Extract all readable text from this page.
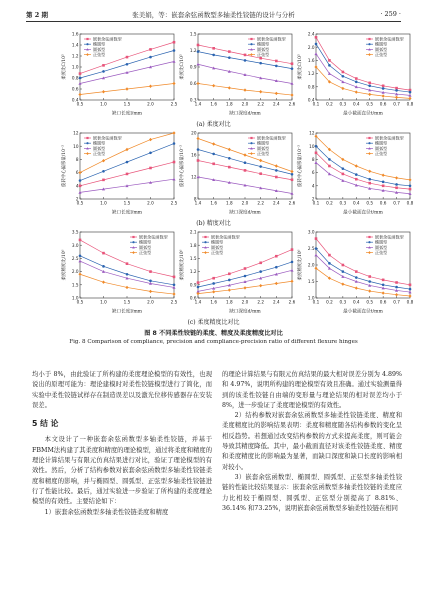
第 2 期	张美娟，等：嵌套余弦函数型多轴柔性铰链的设计与分析	· 259 ·
0.4
0.6
0.8
1.0
1.2
1.4
1.6
0.5	1.0	1.5	2.0	2.5
缺口长度l/mm
柔度比C/10³
嵌套余弦函数型
椭圆型
圆弧型
正弦型
0.3
0.6
0.9
1.2
1.5
1.4 1.6 1.8 2.0 2.2 2.4 2.6
缺口深度d/mm
柔度比C/10³
嵌套余弦函数型
椭圆型
圆弧型
正弦型
0.4
0.8
1.2
1.6
2.0
2.4
0.1 0.2 0.3 0.4 0.5 0.6 0.7 0.8
最小截面直径t/mm
柔度比C/10³
嵌套余弦函数型
椭圆型
圆弧型
正弦型
(a) 柔度对比
2
4
6
8
10
12
0.5	1.0	1.5	2.0	2.5
缺口长度l/mm
旋转中心偏移量/10⁻³
嵌套余弦函数型
椭圆型
圆弧型
正弦型
8
12
16
20
1.4 1.6 1.8 2.0 2.2 2.4 2.6
缺口深度d/mm
旋转中心偏移量/10⁻³
嵌套余弦函数型
椭圆型
圆弧型
正弦型
2
4
6
8
10
12
0.1 0.2 0.3 0.4 0.5 0.6 0.7 0.8
最小截面直径t/mm
旋转中心偏移量/10⁻³
嵌套余弦函数型
椭圆型
圆弧型
正弦型
(b) 精度对比
1.0
1.5
2.0
2.5
3.0
3.5
0.5	1.0	1.5	2.0	2.5
缺口长度l/mm
柔度精度比/10⁶
嵌套余弦函数型
椭圆型
圆弧型
正弦型
0.6
0.9
1.2
1.5
1.8
2.1
1.4 1.6 1.8 2.0 2.2 2.4 2.6
缺口深度d/mm
柔度精度比/10⁶
嵌套余弦函数型
椭圆型
圆弧型
正弦型
1.0
1.5
2.0
2.5
3.0
0.1 0.2 0.3 0.4 0.5 0.6 0.7 0.8
最小截面直径t/mm
柔度精度比/10⁶
嵌套余弦函数型
椭圆型
圆弧型
正弦型
(c) 柔度精度比对比
图 8 不同柔性铰链的柔度、精度及柔度精度比对比
Fig. 8 Comparison of compliance, precision and compliance-precision ratio of different flexure hinges

均小于 8%，由此验证了所构建的柔度理论模型的有效性，也现说出的原理可能为：理论建模时对柔性铰链模型进行了简化，而实验中柔性铰链试样存在制造误差以及激光位移传感器存在安装误差。

5 结 论

本文设计了一种嵌套余弦函数型多轴柔性铰链，并基于FBMM法构建了其柔度和精度的理论模型，通过将柔度和精度的理论计算结果与有限元仿真结果进行对比，验证了理论模型的有效性。然后，分析了结构参数对嵌套余弦函数型多轴柔性铰链柔度和精度的影响，并与椭圆型、圆弧型、正弦型多轴柔性铰链进行了性能比较。最后，通过实验进一步验证了所构建的柔度理论模型的有效性。主要结论如下：

1）嵌套余弦函数型多轴柔性铰链柔度和精度

的理论计算结果与有限元仿真结果的最大相对误差分别为 4.89% 和 4.97%，说明所构建的理论模型有效且准确。通过实验测量得到的该柔性铰链自由端的变形量与理论结果的相对误差均小于 8%，进一步验证了柔度理论模型的有效性。

2）结构参数对嵌套余弦函数型多轴柔性铰链柔度、精度和柔度精度比的影响结果表明：柔度和精度随各结构参数的变化呈相反趋势。若想通过改变结构参数的方式来提高柔度，则可能会导致其精度降低。其中，最小截面直径对该柔性铰链柔度、精度和柔度精度比的影响最为显著，而缺口深度和缺口长度的影响相对较小。

3）嵌套余弦函数型、椭圆型、圆弧型、正弦型多轴柔性铰链的性能比较结果显示：嵌套余弦函数型多轴柔性铰链的柔度应力比相较于椭圆型、圆弧型、正弦型分别提高了 8.81%、36.14% 和73.25%，说明嵌套余弦函数型多轴柔性铰链在相同
